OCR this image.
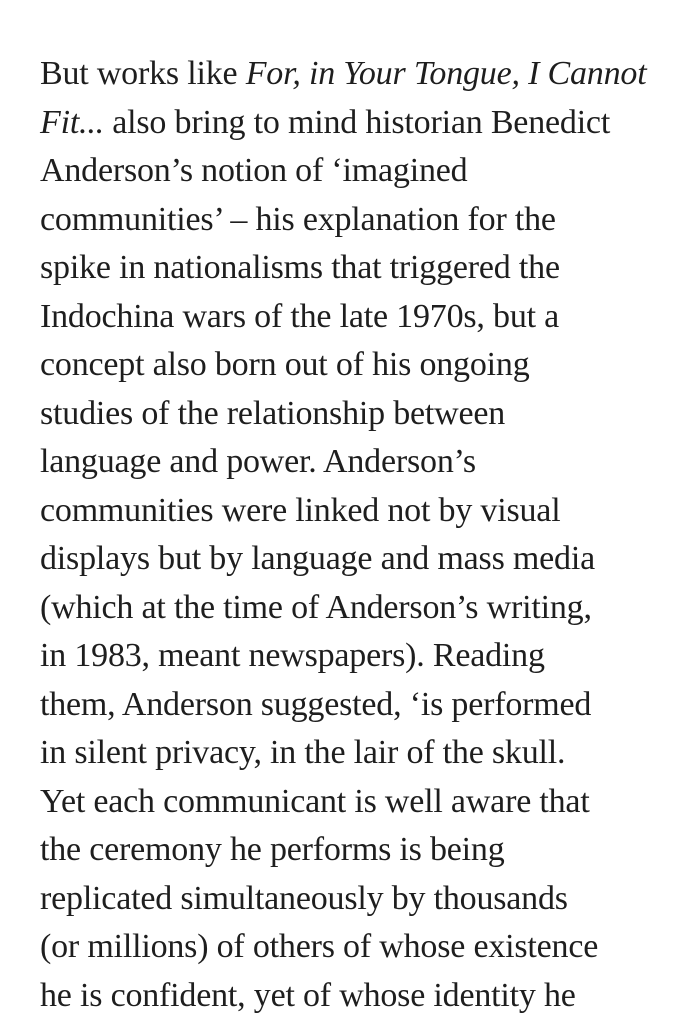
But works like For, in Your Tongue, I Cannot
Fit... also bring to mind historian Benedict
Anderson’s notion of ‘imagined
communities’ – his explanation for the
spike in nationalisms that triggered the
Indochina wars of the late 1970s, but a
concept also born out of his ongoing
studies of the relationship between
language and power. Anderson’s
communities were linked not by visual
displays but by language and mass media
(which at the time of Anderson’s writing,
in 1983, meant newspapers). Reading
them, Anderson suggested, ‘is performed
in silent privacy, in the lair of the skull.
Yet each communicant is well aware that
the ceremony he performs is being
replicated simultaneously by thousands
(or millions) of others of whose existence
he is confident, yet of whose identity he
